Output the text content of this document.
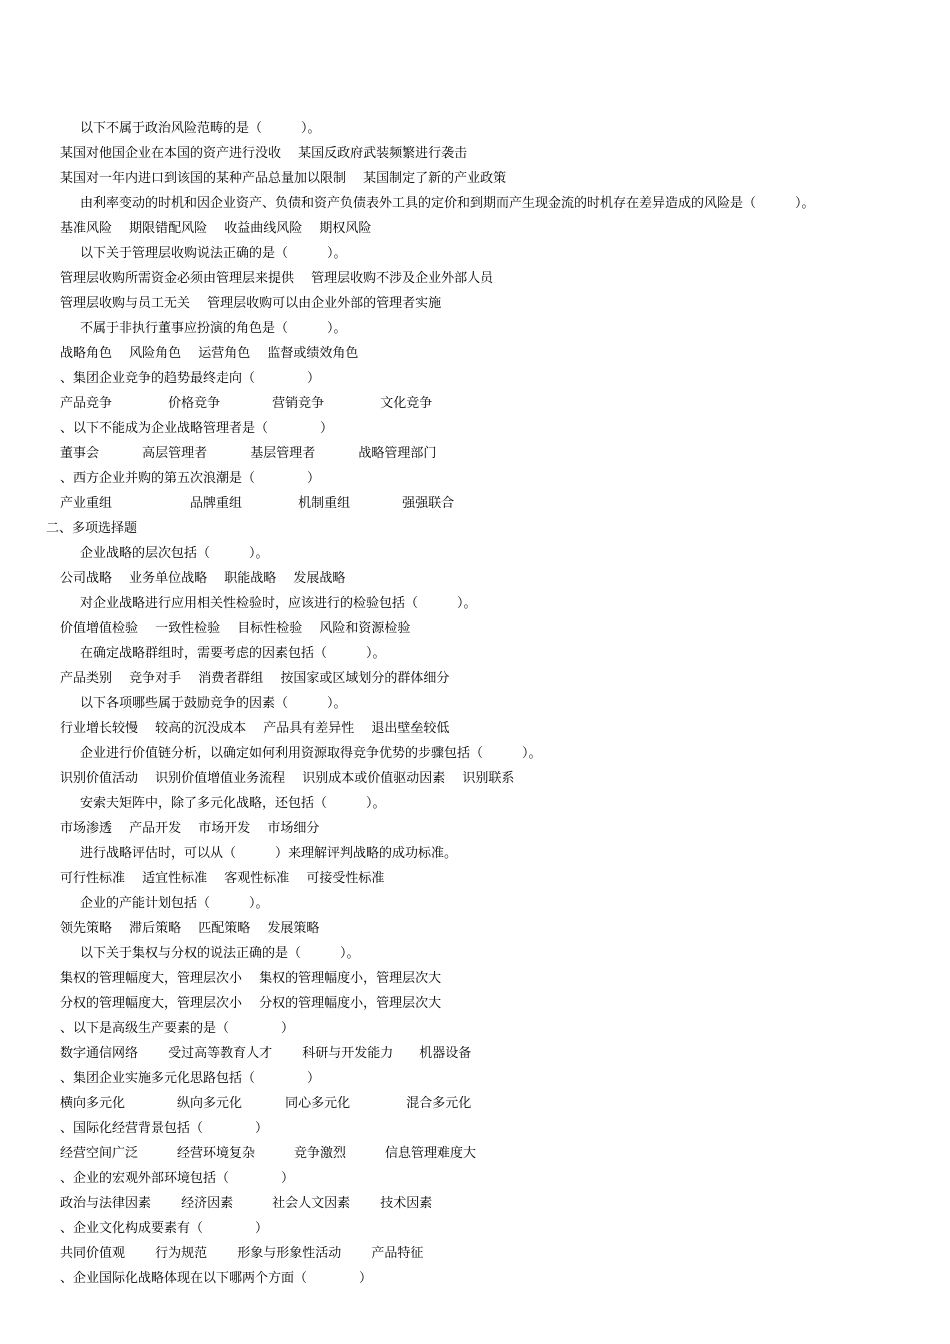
以下不属于政治风险范畴的是（　　　）。
某国对他国企业在本国的资产进行没收　 某国反政府武装频繁进行袭击
某国对一年内进口到该国的某种产品总量加以限制　 某国制定了新的产业政策
由利率变动的时机和因企业资产、负债和资产负债表外工具的定价和到期而产生现金流的时机存在差异造成的风险是（　　　）。
基准风险　 期限错配风险　 收益曲线风险　 期权风险
以下关于管理层收购说法正确的是（　　　）。
管理层收购所需资金必须由管理层来提供　 管理层收购不涉及企业外部人员
管理层收购与员工无关　 管理层收购可以由企业外部的管理者实施
不属于非执行董事应扮演的角色是（　　　）。
战略角色　 风险角色　 运营角色　 监督或绩效角色
、集团企业竞争的趋势最终走向（　　　　）
产品竞争　　　　 价格竞争　　　　营销竞争　　　　 文化竞争
、以下不能成为企业战略管理者是（　　　　）
董事会　　　 高层管理者　　　 基层管理者　　　 战略管理部门
、西方企业并购的第五次浪潮是（　　　　）
产业重组　　　　　　品牌重组　　　　 机制重组　　　　强强联合
二、多项选择题
企业战略的层次包括（　　　）。
公司战略　 业务单位战略　 职能战略　 发展战略
对企业战略进行应用相关性检验时，应该进行的检验包括（　　　）。
价值增值检验　 一致性检验　 目标性检验　 风险和资源检验
在确定战略群组时，需要考虑的因素包括（　　　）。
产品类别　 竞争对手　 消费者群组　 按国家或区域划分的群体细分
以下各项哪些属于鼓励竞争的因素（　　　）。
行业增长较慢　 较高的沉没成本　 产品具有差异性　 退出壁垒较低
企业进行价值链分析，以确定如何利用资源取得竞争优势的步骤包括（　　　）。
识别价值活动　 识别价值增值业务流程　 识别成本或价值驱动因素　 识别联系
安索夫矩阵中，除了多元化战略，还包括（　　　）。
市场渗透　 产品开发　 市场开发　 市场细分
进行战略评估时，可以从（　　　）来理解评判战略的成功标准。
可行性标准　 适宜性标准　 客观性标准　 可接受性标准
企业的产能计划包括（　　　）。
领先策略　 滞后策略　 匹配策略　 发展策略
以下关于集权与分权的说法正确的是（　　　）。
集权的管理幅度大，管理层次小　 集权的管理幅度小，管理层次大
分权的管理幅度大，管理层次小　 分权的管理幅度小，管理层次大
、以下是高级生产要素的是（　　　　）
数字通信网络　　 受过高等教育人才　　 科研与开发能力　　机器设备
、集团企业实施多元化思路包括（　　　　）
横向多元化　　　　纵向多元化　　　 同心多元化　　　　 混合多元化
、国际化经营背景包括（　　　　）
经营空间广泛　　　经营环境复杂　　　竞争激烈　　　信息管理难度大
、企业的宏观外部环境包括（　　　　）
政治与法律因素　　 经济因素　　　社会人文因素　　 技术因素
、企业文化构成要素有（　　　　）
共同价值观　　 行为规范　　 形象与形象性活动　　 产品特征
、企业国际化战略体现在以下哪两个方面（　　　　）
